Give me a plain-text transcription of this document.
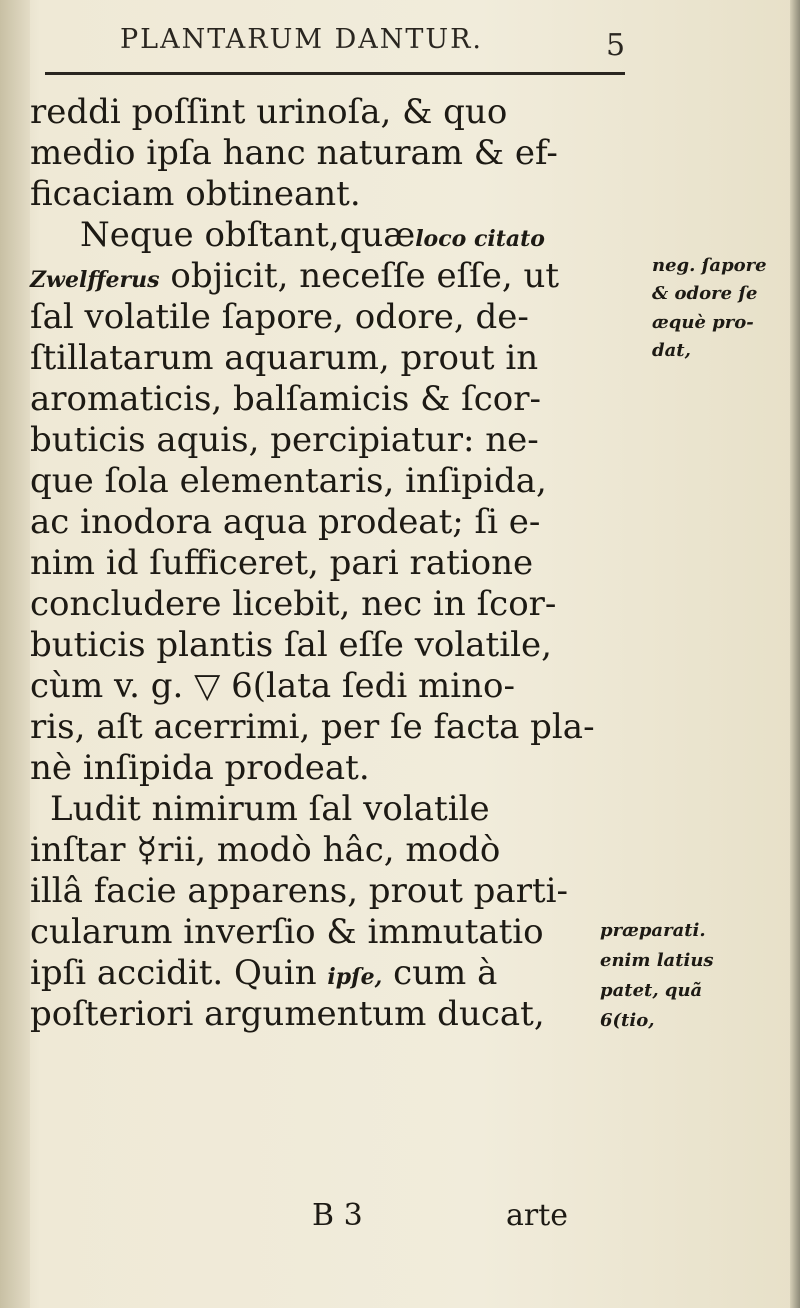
PLANTARUM DANTUR.	5
reddi poſſint urinoſa, & quo
medio ipſa hanc naturam & ef-
ficaciam obtineant.
Neque obſtant,quæloco citato
Zwelfferus objicit, neceſſe eſſe, ut
ſal volatile ſapore, odore, de-
ſtillatarum aquarum, prout in
aromaticis, balſamicis & ſcor-
buticis aquis, percipiatur: ne-
que ſola elementaris, inſipida,
ac inodora aqua prodeat; ſi e-
nim id ſufficeret, pari ratione
concludere licebit, nec in ſcor-
buticis plantis ſal eſſe volatile,
cùm v. g. ▽ 6(lata ſedi mino-
ris, aſt acerrimi, per ſe facta pla-
nè inſipida prodeat.
Ludit nimirum ſal volatile
inſtar ☿rii, modò hâc, modò
illâ facie apparens, prout parti-
cularum inverſio & immutatio
ipſi accidit. Quin ipſe, cum à
poſteriori argumentum ducat,
neg. ſapore
& odore ſe
æquè pro-
dat,
præparati.
enim latius
patet, quã
6(tio,
B 3	arte
